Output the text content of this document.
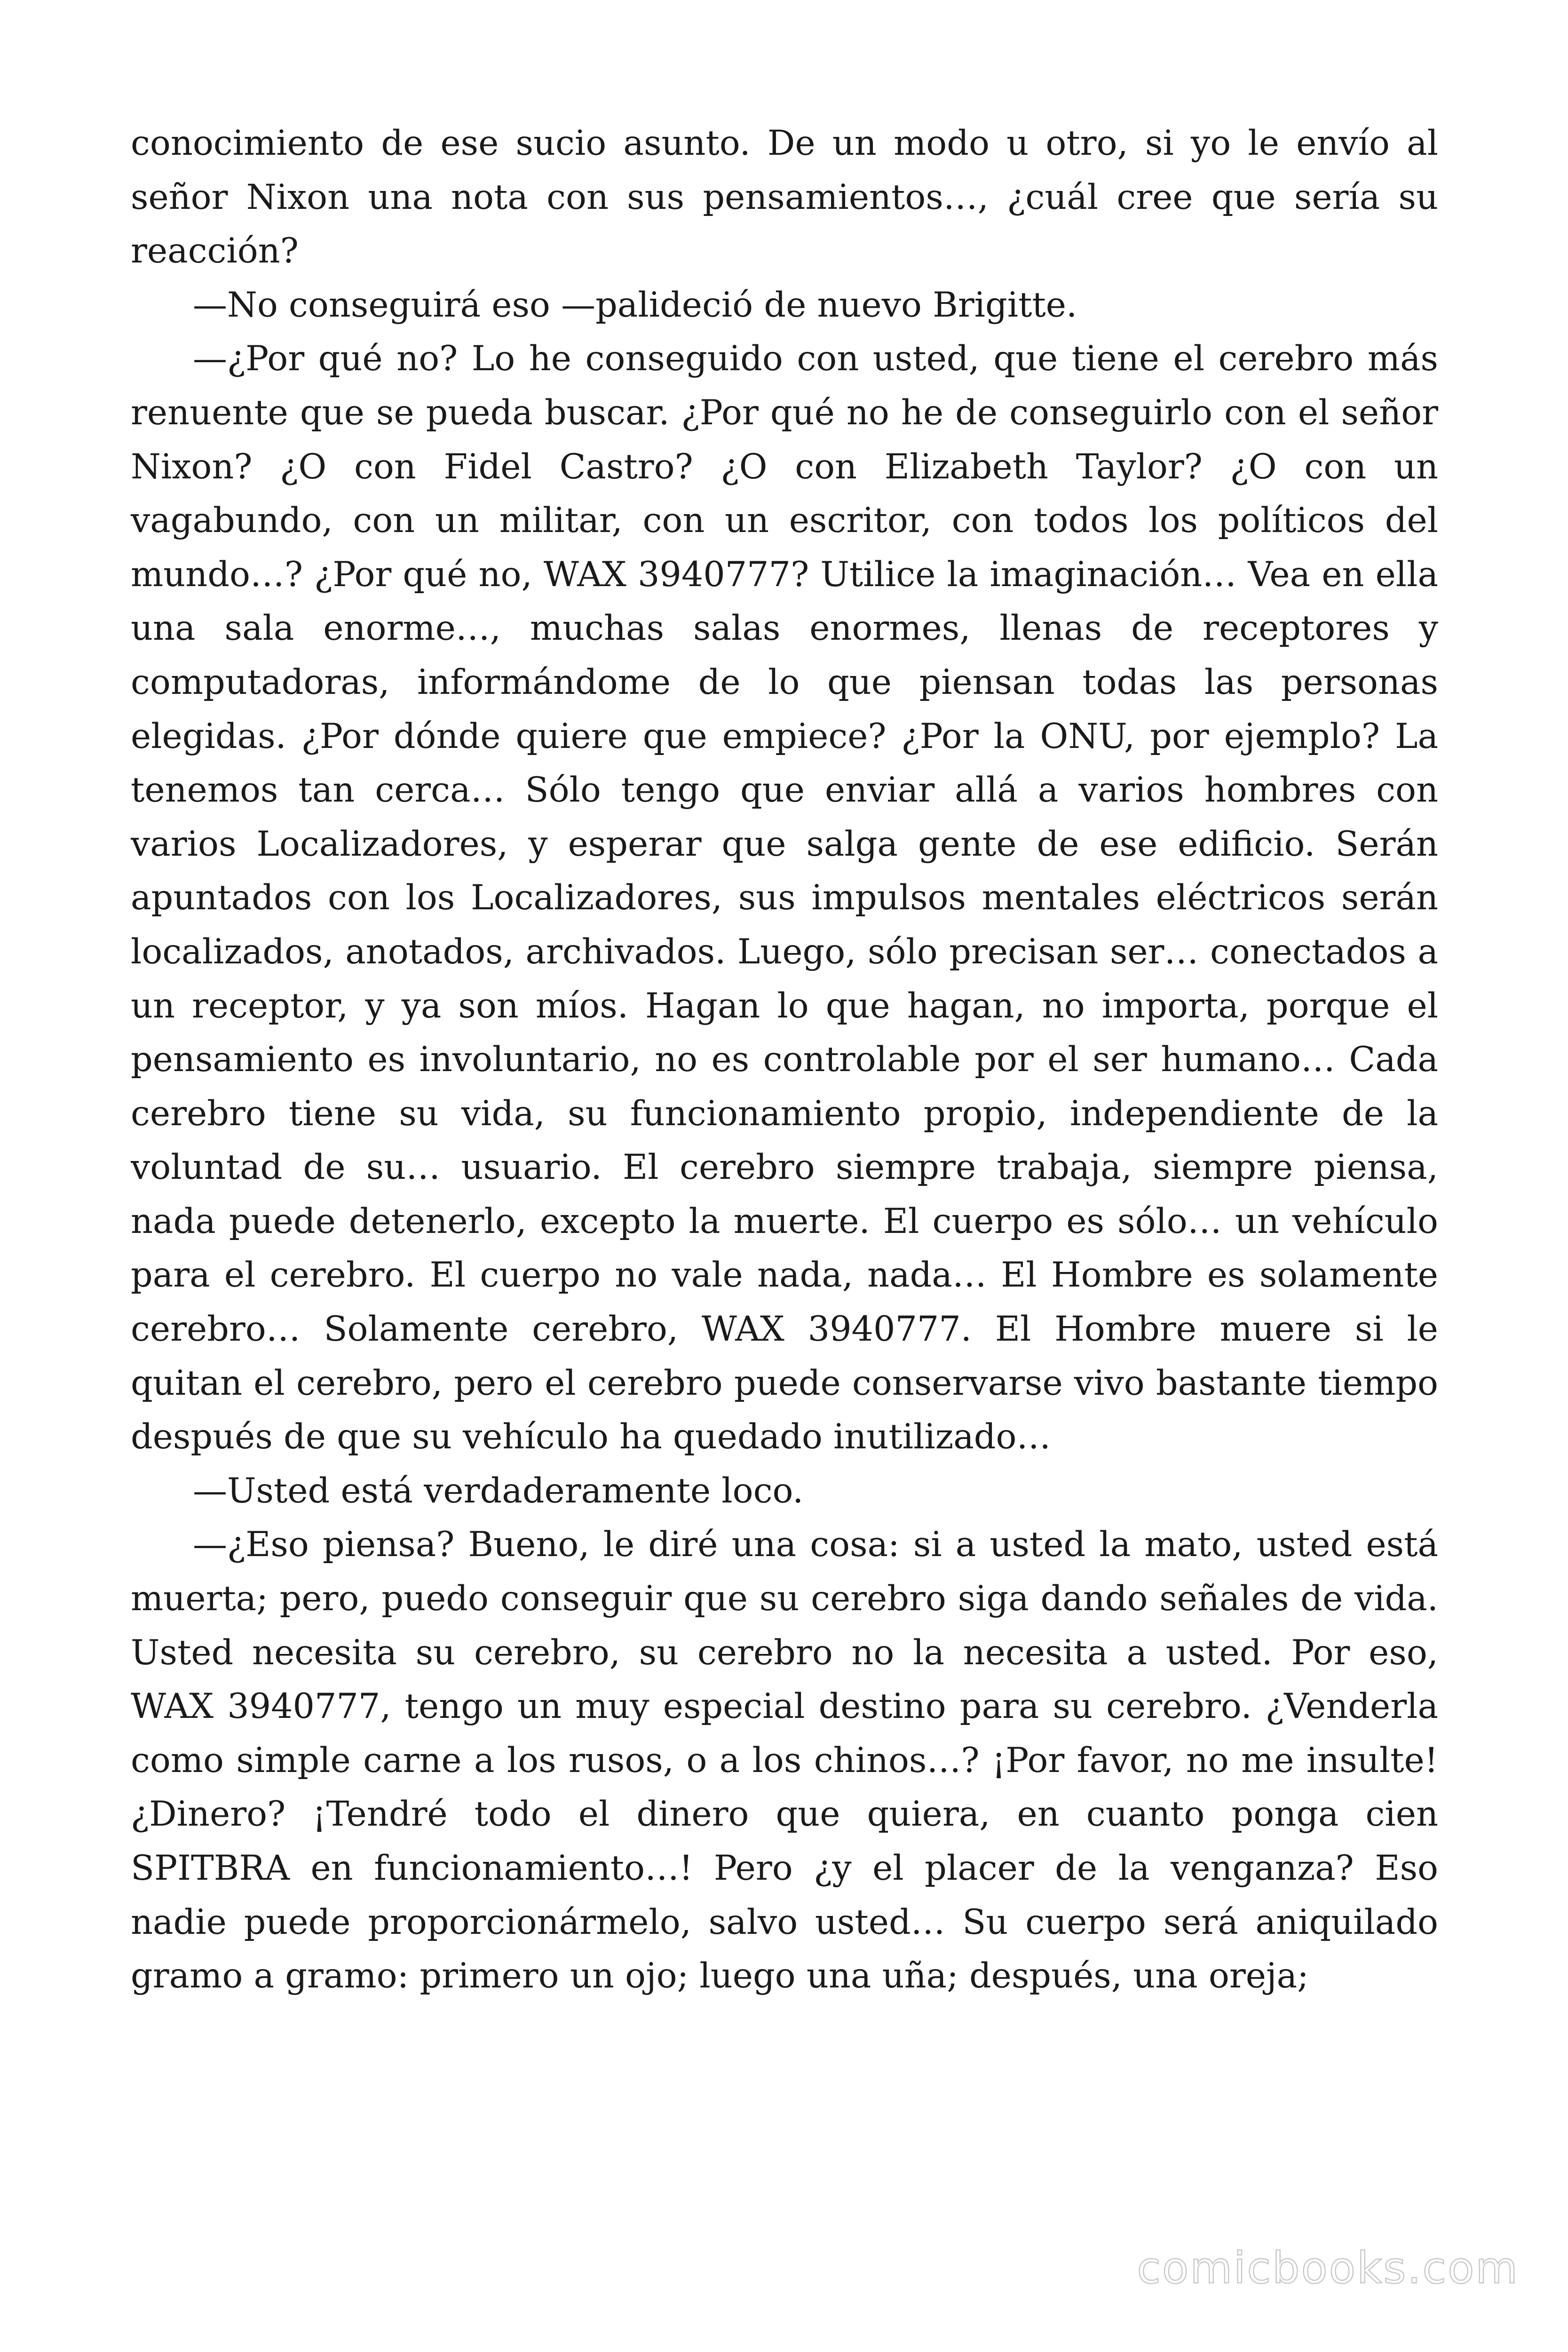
conocimiento de ese sucio asunto. De un modo u otro, si yo le envío al señor Nixon una nota con sus pensamientos…, ¿cuál cree que sería su reacción?

—No conseguirá eso —palideció de nuevo Brigitte.

—¿Por qué no? Lo he conseguido con usted, que tiene el cerebro más renuente que se pueda buscar. ¿Por qué no he de conseguirlo con el señor Nixon? ¿O con Fidel Castro? ¿O con Elizabeth Taylor? ¿O con un vagabundo, con un militar, con un escritor, con todos los políticos del mundo…? ¿Por qué no, WAX 3940777? Utilice la imaginación… Vea en ella una sala enorme…, muchas salas enormes, llenas de receptores y computadoras, informándome de lo que piensan todas las personas elegidas. ¿Por dónde quiere que empiece? ¿Por la ONU, por ejemplo? La tenemos tan cerca… Sólo tengo que enviar allá a varios hombres con varios Localizadores, y esperar que salga gente de ese edificio. Serán apuntados con los Localizadores, sus impulsos mentales eléctricos serán localizados, anotados, archivados. Luego, sólo precisan ser… conectados a un receptor, y ya son míos. Hagan lo que hagan, no importa, porque el pensamiento es involuntario, no es controlable por el ser humano… Cada cerebro tiene su vida, su funcionamiento propio, independiente de la voluntad de su… usuario. El cerebro siempre trabaja, siempre piensa, nada puede detenerlo, excepto la muerte. El cuerpo es sólo… un vehículo para el cerebro. El cuerpo no vale nada, nada… El Hombre es solamente cerebro… Solamente cerebro, WAX 3940777. El Hombre muere si le quitan el cerebro, pero el cerebro puede conservarse vivo bastante tiempo después de que su vehículo ha quedado inutilizado…

—Usted está verdaderamente loco.

—¿Eso piensa? Bueno, le diré una cosa: si a usted la mato, usted está muerta; pero, puedo conseguir que su cerebro siga dando señales de vida. Usted necesita su cerebro, su cerebro no la necesita a usted. Por eso, WAX 3940777, tengo un muy especial destino para su cerebro. ¿Venderla como simple carne a los rusos, o a los chinos…? ¡Por favor, no me insulte! ¿Dinero? ¡Tendré todo el dinero que quiera, en cuanto ponga cien SPITBRA en funcionamiento…! Pero ¿y el placer de la venganza? Eso nadie puede proporcionármelo, salvo usted… Su cuerpo será aniquilado gramo a gramo: primero un ojo; luego una uña; después, una oreja;

comicbooks.com
